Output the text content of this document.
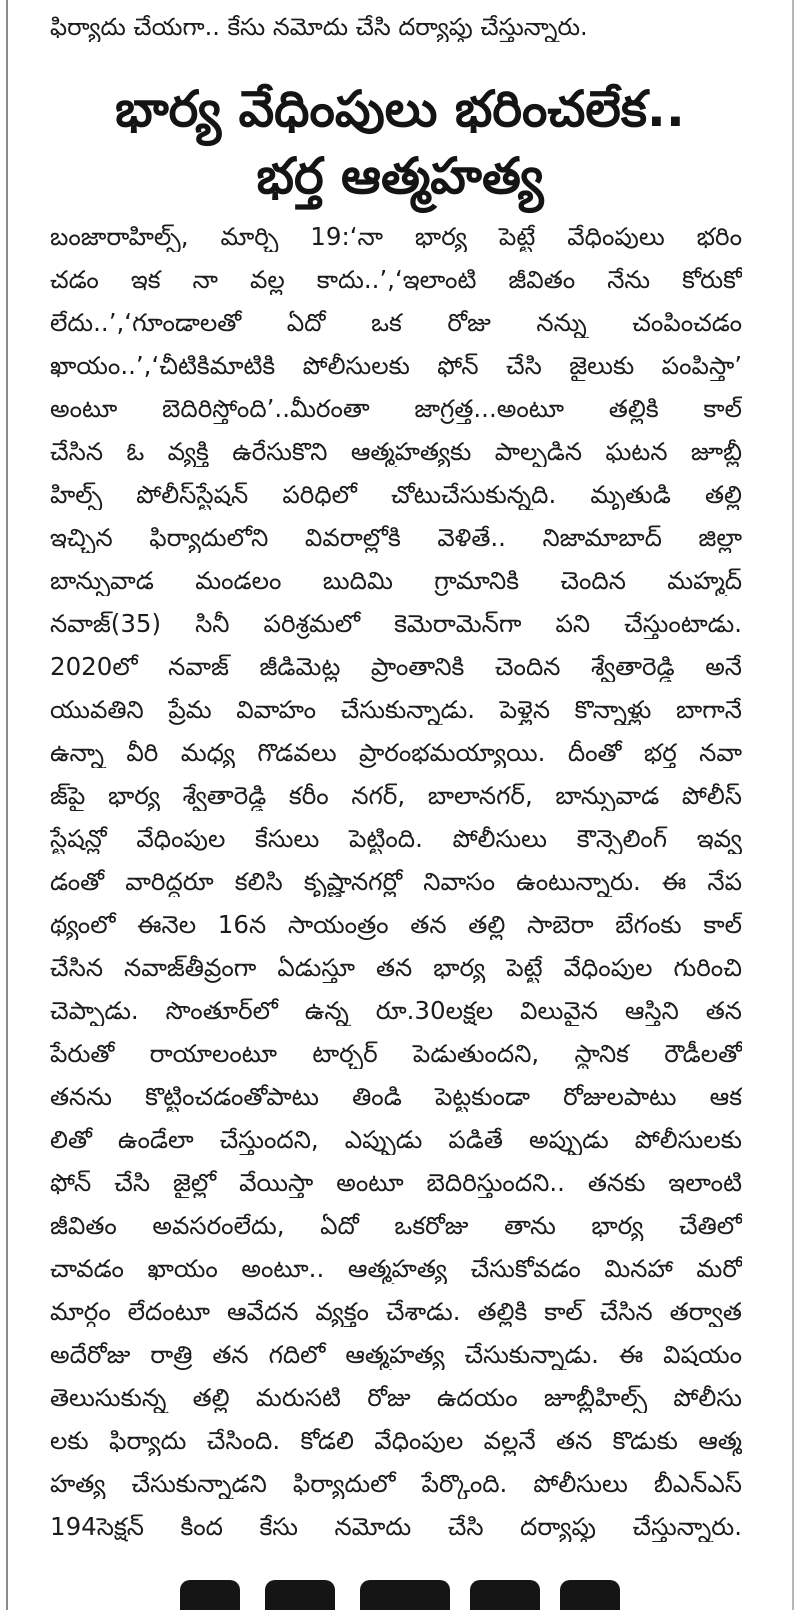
ఫిర్యాదు చేయగా.. కేసు నమోదు చేసి దర్యాప్తు చేస్తున్నారు.
భార్య వేధింపులు భరించలేక..
భర్త ఆత్మహత్య
బంజారాహిల్స్, మార్చి 19:‘నా భార్య పెట్టే వేధింపులు భరిం
చడం ఇక నా వల్ల కాదు..’,‘ఇలాంటి జీవితం నేను కోరుకో
లేదు..’,‘గూండాలతో ఏదో ఒక రోజు నన్ను చంపించడం
ఖాయం..’,‘చీటికిమాటికి పోలీసులకు ఫోన్ చేసి జైలుకు పంపిస్తా’
అంటూ బెదిరిస్తోంది’..మీరంతా జాగ్రత్త...అంటూ తల్లికి కాల్
చేసిన ఓ వ్యక్తి ఉరేసుకొని ఆత్మహత్యకు పాల్పడిన ఘటన జూబ్లీ
హిల్స్ పోలీస్‌స్టేషన్ పరిధిలో చోటుచేసుకున్నది. మృతుడి తల్లి
ఇచ్చిన ఫిర్యాదులోని వివరాల్లోకి వెళితే.. నిజామాబాద్ జిల్లా
బాన్సువాడ మండలం బుదిమి గ్రామానికి చెందిన మహ్మద్
నవాజ్(35) సినీ పరిశ్రమలో కెమెరామెన్‌గా పని చేస్తుంటాడు.
2020లో నవాజ్ జీడిమెట్ల ప్రాంతానికి చెందిన శ్వేతారెడ్డి అనే
యువతిని ప్రేమ వివాహం చేసుకున్నాడు. పెళ్లైన కొన్నాళ్లు బాగానే
ఉన్నా వీరి మధ్య గొడవలు ప్రారంభమయ్యాయి. దీంతో భర్త నవా
జ్‌పై భార్య శ్వేతారెడ్డి కరీం నగర్, బాలానగర్, బాన్సువాడ పోలీస్
స్టేషన్లో వేధింపుల కేసులు పెట్టింది. పోలీసులు కౌన్సెలింగ్ ఇవ్వ
డంతో వారిద్దరూ కలిసి కృష్ణానగర్లో నివాసం ఉంటున్నారు. ఈ నేప
థ్యంలో ఈనెల 16న సాయంత్రం తన తల్లి సాబెరా బేగంకు కాల్
చేసిన నవాజ్‌తీవ్రంగా ఏడుస్తూ తన భార్య పెట్టే వేధింపుల గురించి
చెప్పాడు. సొంతూర్‌లో ఉన్న రూ.30లక్షల విలువైన ఆస్తిని తన
పేరుతో రాయాలంటూ టార్చర్ పెడుతుందని, స్థానిక రౌడీలతో
తనను కొట్టించడంతోపాటు తిండి పెట్టకుండా రోజులపాటు ఆక
లితో ఉండేలా చేస్తుందని, ఎప్పుడు పడితే అప్పుడు పోలీసులకు
ఫోన్ చేసి జైల్లో వేయిస్తా అంటూ బెదిరిస్తుందని.. తనకు ఇలాంటి
జీవితం అవసరంలేదు, ఏదో ఒకరోజు తాను భార్య చేతిలో
చావడం ఖాయం అంటూ.. ఆత్మహత్య చేసుకోవడం మినహా మరో
మార్గం లేదంటూ ఆవేదన వ్యక్తం చేశాడు. తల్లికి కాల్ చేసిన తర్వాత
అదేరోజు రాత్రి తన గదిలో ఆత్మహత్య చేసుకున్నాడు. ఈ విషయం
తెలుసుకున్న తల్లి మరుసటి రోజు ఉదయం జూబ్లీహిల్స్ పోలీసు
లకు ఫిర్యాదు చేసింది. కోడలి వేధింపుల వల్లనే తన కొడుకు ఆత్మ
హత్య చేసుకున్నాడని ఫిర్యాదులో పేర్కొంది. పోలీసులు బీఎన్ఎస్
194సెక్షన్ కింద కేసు నమోదు చేసి దర్యాప్తు చేస్తున్నారు.
